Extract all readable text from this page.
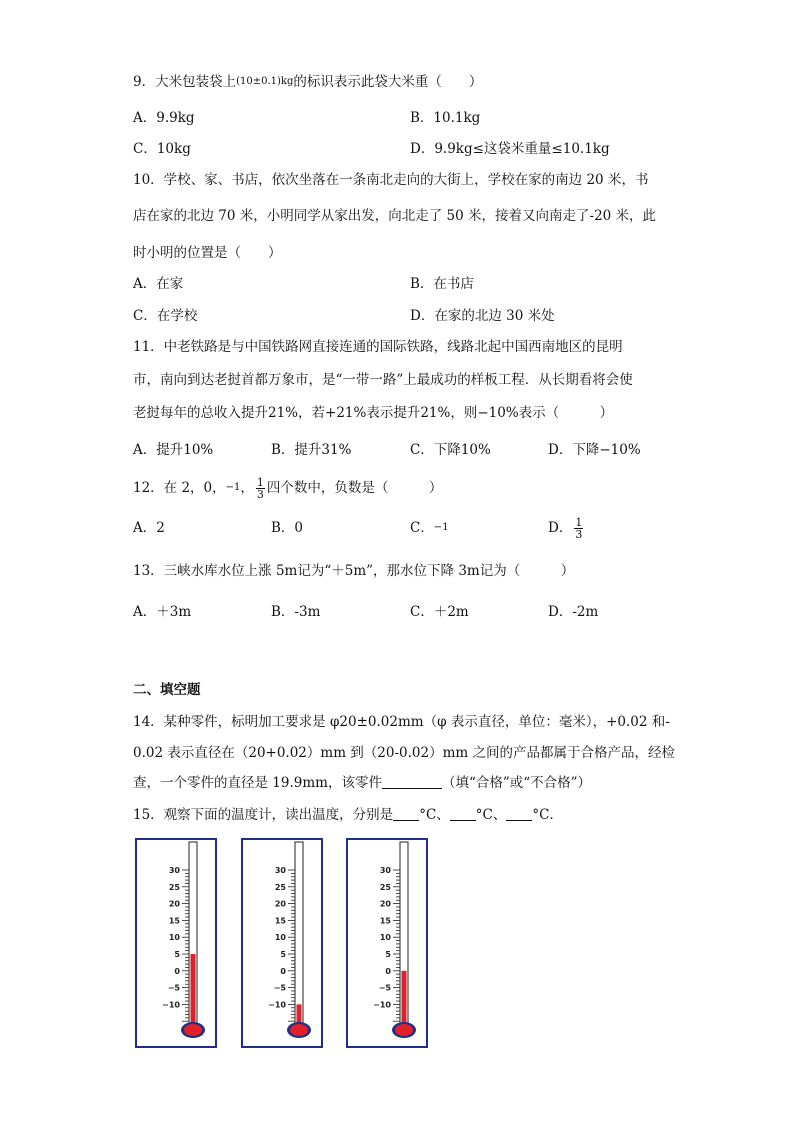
9．大米包装袋上(10±0.1)kg的标识表示此袋大米重（　　）
A．9.9kg	B．10.1kg
C．10kg	D．9.9kg≤这袋米重量≤10.1kg
10．学校、家、书店，依次坐落在一条南北走向的大街上，学校在家的南边 20 米，书
店在家的北边 70 米，小明同学从家出发，向北走了 50 米，接着又向南走了-20 米，此
时小明的位置是（　　）
A．在家	B．在书店
C．在学校	D．在家的北边 30 米处
11．中老铁路是与中国铁路网直接连通的国际铁路，线路北起中国西南地区的昆明
市，南向到达老挝首都万象市，是“一带一路”上最成功的样板工程．从长期看将会使
老挝每年的总收入提升21%，若+21%表示提升21%，则−10%表示（　　　）
A．提升10%	B．提升31%	C．下降10%	D．下降−10%
12．在 2，0，−1， $\frac{1}{3}$ 四个数中，负数是（　　　）
A．2	B．0	C．−1	D． $\frac{1}{3}$
13．三峡水库水位上涨 5m记为“＋5m”，那水位下降 3m记为（　　　）
A．＋3m	B．-3m	C．＋2m	D．-2m
二、填空题
14．某种零件，标明加工要求是 φ20±0.02mm（φ 表示直径，单位：毫米），+0.02 和-
0.02 表示直径在（20+0.02）mm 到（20-0.02）mm 之间的产品都属于合格产品，经检
查，一个零件的直径是 19.9mm，该零件	（填“合格”或“不合格”）
15．观察下面的温度计，读出温度，分别是 °C、 °C、 °C．
30
25
20
15
10
5
0
−5
−10
30
25
20
15
10
5
0
−5
−10
30
25
20
15
10
5
0
−5
−10
